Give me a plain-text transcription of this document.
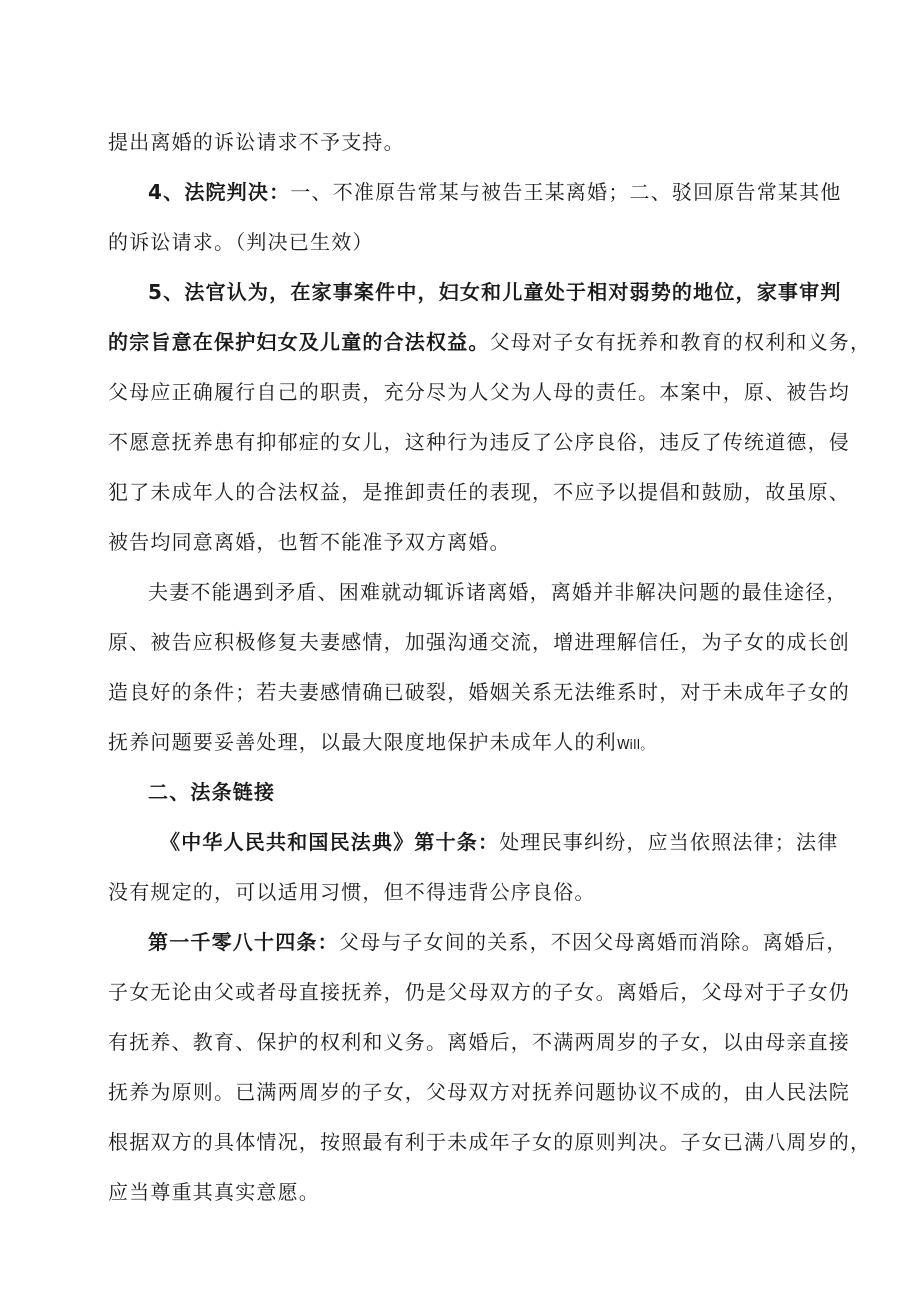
提出离婚的诉讼请求不予支持。
4、法院判决：一、不准原告常某与被告王某离婚；二、驳回原告常某其他
的诉讼请求。（判决已生效）
5、法官认为，在家事案件中，妇女和儿童处于相对弱势的地位，家事审判
的宗旨意在保护妇女及儿童的合法权益。父母对子女有抚养和教育的权利和义务，
父母应正确履行自己的职责，充分尽为人父为人母的责任。本案中，原、被告均
不愿意抚养患有抑郁症的女儿，这种行为违反了公序良俗，违反了传统道德，侵
犯了未成年人的合法权益，是推卸责任的表现，不应予以提倡和鼓励，故虽原、
被告均同意离婚，也暂不能准予双方离婚。
夫妻不能遇到矛盾、困难就动辄诉诸离婚，离婚并非解决问题的最佳途径，
原、被告应积极修复夫妻感情，加强沟通交流，增进理解信任，为子女的成长创
造良好的条件；若夫妻感情确已破裂，婚姻关系无法维系时，对于未成年子女的
抚养问题要妥善处理，以最大限度地保护未成年人的利Will。
二、法条链接
《中华人民共和国民法典》第十条：处理民事纠纷，应当依照法律；法律
没有规定的，可以适用习惯，但不得违背公序良俗。
第一千零八十四条：父母与子女间的关系，不因父母离婚而消除。离婚后，
子女无论由父或者母直接抚养，仍是父母双方的子女。离婚后，父母对于子女仍
有抚养、教育、保护的权利和义务。离婚后，不满两周岁的子女，以由母亲直接
抚养为原则。已满两周岁的子女，父母双方对抚养问题协议不成的，由人民法院
根据双方的具体情况，按照最有利于未成年子女的原则判决。子女已满八周岁的，
应当尊重其真实意愿。
